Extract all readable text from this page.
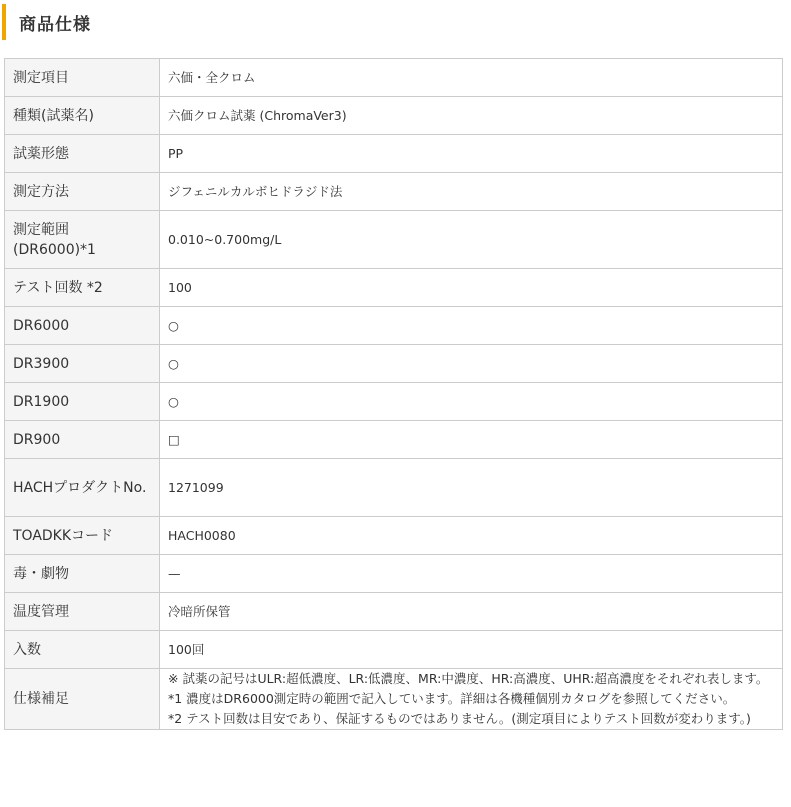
商品仕様
測定項目	六価・全クロム
種類(試薬名)	六価クロム試薬 (ChromaVer3)
試薬形態	PP
測定方法	ジフェニルカルボヒドラジド法
測定範囲(DR6000)*1	0.010~0.700mg/L
テスト回数 *2	100
DR6000	○
DR3900	○
DR1900	○
DR900	□
HACHプロダクトNo.	1271099
TOADKKコード	HACH0080
毒・劇物	—
温度管理	冷暗所保管
入数	100回
仕様補足	※ 試薬の記号はULR:超低濃度、LR:低濃度、MR:中濃度、HR:高濃度、UHR:超高濃度をそれぞれ表します。
*1 濃度はDR6000測定時の範囲で記入しています。詳細は各機種個別カタログを参照してください。
*2 テスト回数は目安であり、保証するものではありません。(測定項目によりテスト回数が変わります。)
